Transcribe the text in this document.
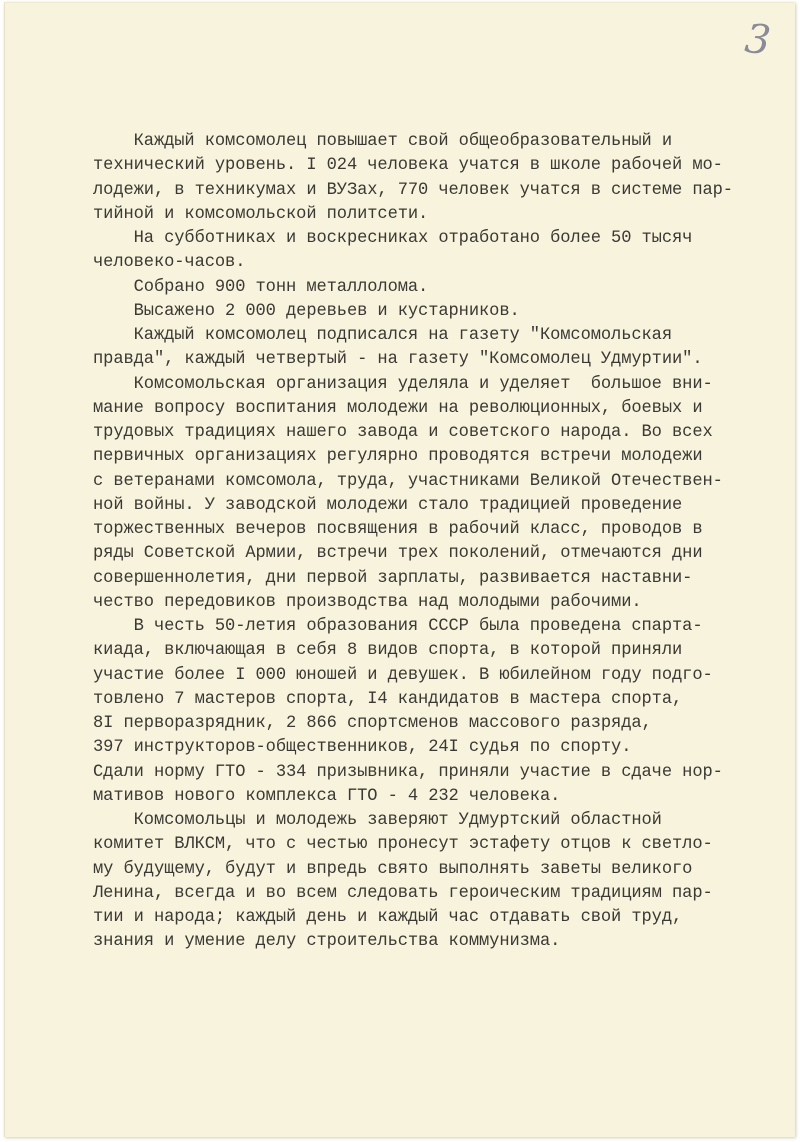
3
Каждый комсомолец повышает свой общеобразовательный и
технический уровень. I 024 человека учатся в школе рабочей мо-
лодежи, в техникумах и ВУЗах, 770 человек учатся в системе пар-
тийной и комсомольской политсети.
На субботниках и воскресниках отработано более 50 тысяч
человеко-часов.
Собрано 900 тонн металлолома.
Высажено 2 000 деревьев и кустарников.
Каждый комсомолец подписался на газету "Комсомольская
правда", каждый четвертый - на газету "Комсомолец Удмуртии".
Комсомольская организация уделяла и уделяет  большое вни-
мание вопросу воспитания молодежи на революционных, боевых и
трудовых традициях нашего завода и советского народа. Во всех
первичных организациях регулярно проводятся встречи молодежи
с ветеранами комсомола, труда, участниками Великой Отечествен-
ной войны. У заводской молодежи стало традицией проведение
торжественных вечеров посвящения в рабочий класс, проводов в
ряды Советской Армии, встречи трех поколений, отмечаются дни
совершеннолетия, дни первой зарплаты, развивается наставни-
чество передовиков производства над молодыми рабочими.
В честь 50-летия образования СССР была проведена спарта-
киада, включающая в себя 8 видов спорта, в которой приняли
участие более I 000 юношей и девушек. В юбилейном году подго-
товлено 7 мастеров спорта, I4 кандидатов в мастера спорта,
8I перворазрядник, 2 866 спортсменов массового разряда,
397 инструкторов-общественников, 24I судья по спорту.
Сдали норму ГТО - 334 призывника, приняли участие в сдаче нор-
мативов нового комплекса ГТО - 4 232 человека.
Комсомольцы и молодежь заверяют Удмуртский областной
комитет ВЛКСМ, что с честью пронесут эстафету отцов к светло-
му будущему, будут и впредь свято выполнять заветы великого
Ленина, всегда и во всем следовать героическим традициям пар-
тии и народа; каждый день и каждый час отдавать свой труд,
знания и умение делу строительства коммунизма.
